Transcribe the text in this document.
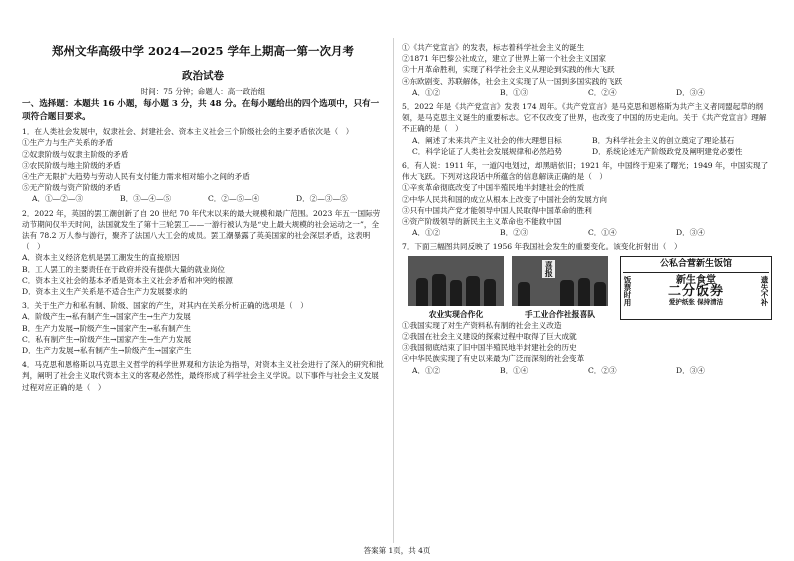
郑州文华高级中学 2024—2025 学年上期高一第一次月考
政治试卷
时间：75 分钟；命题人：高一政治组
一、选择题：本题共 16 小题，每小题 3 分，共 48 分。在每小题给出的四个选项中，只有一项符合题目要求。

1．在人类社会发展中，奴隶社会、封建社会、资本主义社会三个阶级社会的主要矛盾依次是（　）

①生产力与生产关系的矛盾

②奴隶阶级与奴隶主阶级的矛盾

③农民阶级与地主阶级的矛盾

④生产无限扩大趋势与劳动人民有支付能力需求相对缩小之间的矛盾

⑤无产阶级与资产阶级的矛盾

A．①—②—③	B．③—④—⑤	C．②—⑤—④	D．②—③—⑤

2．2022 年，英国的罢工潮创新了自 20 世纪 70 年代末以来的最大规模和最广范围。2023 年五一国际劳动节期间仅半天时间，法国就发生了第十三轮罢工——一游行被认为是“史上最大规模的社会运动之一”，全法有 78.2 万人参与游行，聚齐了法国八大工会的成员。罢工潮暴露了英美国家的社会深层矛盾，这表明（　）

A．资本主义经济危机是罢工潮发生的直接原因

B．工人罢工的主要责任在于政府并没有提供大量的就业岗位

C．资本主义社会的基本矛盾是资本主义社会矛盾和冲突的根源

D．资本主义生产关系是不适合生产力发展要求的

3．关于生产力和私有制、阶级、国家的产生，对其内在关系分析正确的选项是（　）

A．阶级产生→私有制产生→国家产生→生产力发展

B．生产力发展→阶级产生→国家产生→私有制产生

C．私有制产生→阶级产生→国家产生→生产力发展

D．生产力发展→私有制产生→阶级产生→国家产生

4．马克思和恩格斯以马克思主义哲学的科学世界观和方法论为指导，对资本主义社会进行了深入的研究和批判，阐明了社会主义取代资本主义的客观必然性，最终形成了科学社会主义学说。以下事件与社会主义发展过程对应正确的是（　）

①《共产党宣言》的发表，标志着科学社会主义的诞生

②1871 年巴黎公社成立，建立了世界上第一个社会主义国家

③十月革命胜利，实现了科学社会主义从理论到实践的伟大飞跃

④东欧剧变、苏联解体，社会主义实现了从一国到多国实践的飞跃

A．①②	B．①③	C．②④	D．③④

5．2022 年是《共产党宣言》发表 174 周年。《共产党宣言》是马克思和恩格斯为共产主义者同盟起草的纲领，是马克思主义诞生的重要标志。它不仅改变了世界，也改变了中国的历史走向。关于《共产党宣言》理解不正确的是（　）

A．阐述了未来共产主义社会的伟大理想目标	B．为科学社会主义的创立奠定了理论基石
C．科学论证了人类社会发展规律和必然趋势	D．系统论述无产阶级政党及阐明建党必要性

6．有人说：1911 年，一道闪电划过，却黑暗依旧；1921 年，中国终于迎来了曙光；1949 年，中国实现了伟大飞跃。下列对这段话中所蕴含的信息解读正确的是（　）

①辛亥革命彻底改变了中国半殖民地半封建社会的性质

②中华人民共和国的成立从根本上改变了中国社会的发展方向

③只有中国共产党才能领导中国人民取得中国革命的胜利

④资产阶级领导的新民主主义革命也不能救中国

A．①②	B．②③	C．①④	D．③④

7．下面三幅图共同反映了 1956 年我国社会发生的重要变化。该变化折射出（　）

农业实现合作化
喜报
手工业合作社报喜队
公私合营新生饭馆
饭票时用	新生食堂
二分饭券
爱护纸张 保持清洁	遗失不补

①我国实现了对生产资料私有制的社会主义改造

②我国在社会主义建设的探索过程中取得了巨大成就

③我国彻底结束了旧中国半殖民地半封建社会的历史

④中华民族实现了有史以来最为广泛而深刻的社会变革

A．①②	B．①④	C．②③	D．③④
答案第 1页，共 4页
